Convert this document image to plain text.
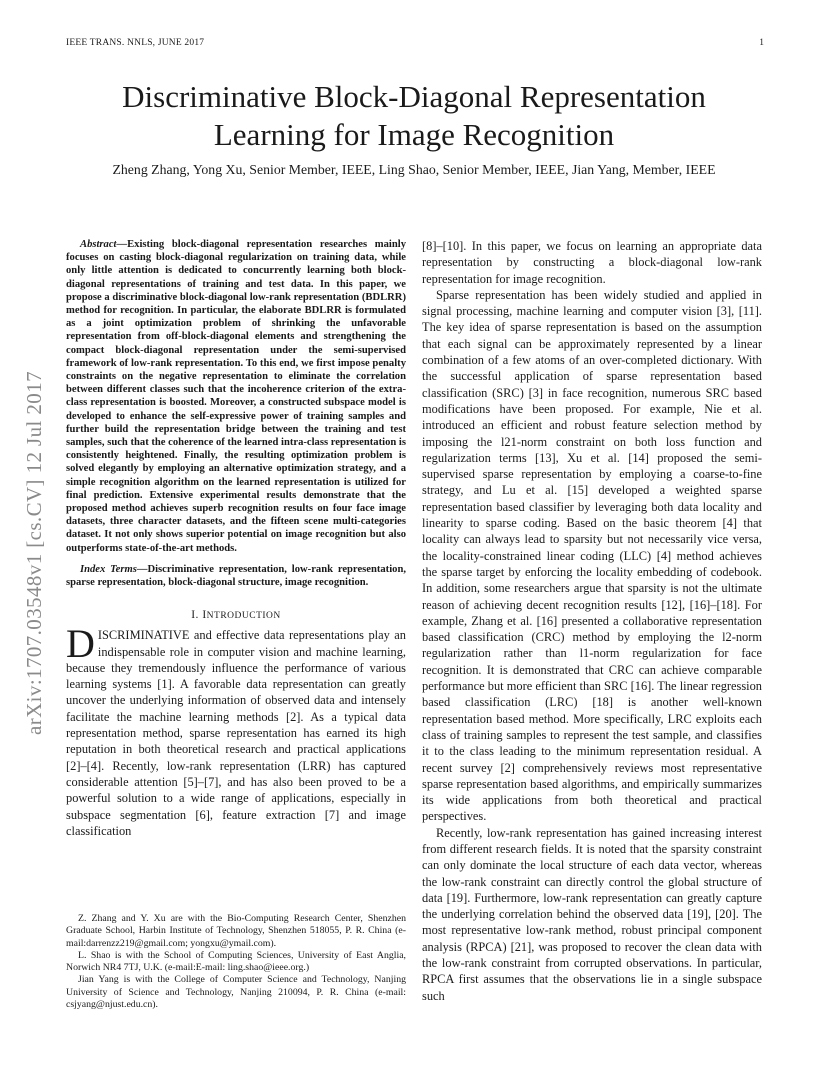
IEEE TRANS. NNLS, JUNE 2017	1
arXiv:1707.03548v1 [cs.CV] 12 Jul 2017
Discriminative Block-Diagonal Representation Learning for Image Recognition
Zheng Zhang, Yong Xu, Senior Member, IEEE, Ling Shao, Senior Member, IEEE, Jian Yang, Member, IEEE

Abstract—Existing block-diagonal representation researches mainly focuses on casting block-diagonal regularization on training data, while only little attention is dedicated to concurrently learning both block-diagonal representations of training and test data. In this paper, we propose a discriminative block-diagonal low-rank representation (BDLRR) method for recognition. In particular, the elaborate BDLRR is formulated as a joint optimization problem of shrinking the unfavorable representation from off-block-diagonal elements and strengthening the compact block-diagonal representation under the semi-supervised framework of low-rank representation. To this end, we first impose penalty constraints on the negative representation to eliminate the correlation between different classes such that the incoherence criterion of the extra-class representation is boosted. Moreover, a constructed subspace model is developed to enhance the self-expressive power of training samples and further build the representation bridge between the training and test samples, such that the coherence of the learned intra-class representation is consistently heightened. Finally, the resulting optimization problem is solved elegantly by employing an alternative optimization strategy, and a simple recognition algorithm on the learned representation is utilized for final prediction. Extensive experimental results demonstrate that the proposed method achieves superb recognition results on four face image datasets, three character datasets, and the fifteen scene multi-categories dataset. It not only shows superior potential on image recognition but also outperforms state-of-the-art methods.

Index Terms—Discriminative representation, low-rank representation, sparse representation, block-diagonal structure, image recognition.

I. INTRODUCTION

DISCRIMINATIVE and effective data representations play an indispensable role in computer vision and machine learning, because they tremendously influence the performance of various learning systems [1]. A favorable data representation can greatly uncover the underlying information of observed data and intensely facilitate the machine learning methods [2]. As a typical data representation method, sparse representation has earned its high reputation in both theoretical research and practical applications [2]–[4]. Recently, low-rank representation (LRR) has captured considerable attention [5]–[7], and has also been proved to be a powerful solution to a wide range of applications, especially in subspace segmentation [6], feature extraction [7] and image classification

Z. Zhang and Y. Xu are with the Bio-Computing Research Center, Shenzhen Graduate School, Harbin Institute of Technology, Shenzhen 518055, P. R. China (e-mail:darrenzz219@gmail.com; yongxu@ymail.com).

L. Shao is with the School of Computing Sciences, University of East Anglia, Norwich NR4 7TJ, U.K. (e-mail:E-mail: ling.shao@ieee.org.)

Jian Yang is with the College of Computer Science and Technology, Nanjing University of Science and Technology, Nanjing 210094, P. R. China (e-mail: csjyang@njust.edu.cn).

[8]–[10]. In this paper, we focus on learning an appropriate data representation by constructing a block-diagonal low-rank representation for image recognition.

Sparse representation has been widely studied and applied in signal processing, machine learning and computer vision [3], [11]. The key idea of sparse representation is based on the assumption that each signal can be approximately represented by a linear combination of a few atoms of an over-completed dictionary. With the successful application of sparse representation based classification (SRC) [3] in face recognition, numerous SRC based modifications have been proposed. For example, Nie et al. introduced an efficient and robust feature selection method by imposing the l21-norm constraint on both loss function and regularization terms [13], Xu et al. [14] proposed the semi-supervised sparse representation by employing a coarse-to-fine strategy, and Lu et al. [15] developed a weighted sparse representation based classifier by leveraging both data locality and linearity to sparse coding. Based on the basic theorem [4] that locality can always lead to sparsity but not necessarily vice versa, the locality-constrained linear coding (LLC) [4] method achieves the sparse target by enforcing the locality embedding of codebook. In addition, some researchers argue that sparsity is not the ultimate reason of achieving decent recognition results [12], [16]–[18]. For example, Zhang et al. [16] presented a collaborative representation based classification (CRC) method by employing the l2-norm regularization rather than l1-norm regularization for face recognition. It is demonstrated that CRC can achieve comparable performance but more efficient than SRC [16]. The linear regression based classification (LRC) [18] is another well-known representation based method. More specifically, LRC exploits each class of training samples to represent the test sample, and classifies it to the class leading to the minimum representation residual. A recent survey [2] comprehensively reviews most representative sparse representation based algorithms, and empirically summarizes its wide applications from both theoretical and practical perspectives.

Recently, low-rank representation has gained increasing interest from different research fields. It is noted that the sparsity constraint can only dominate the local structure of each data vector, whereas the low-rank constraint can directly control the global structure of data [19]. Furthermore, low-rank representation can greatly capture the underlying correlation behind the observed data [19], [20]. The most representative low-rank method, robust principal component analysis (RPCA) [21], was proposed to recover the clean data with the low-rank constraint from corrupted observations. In particular, RPCA first assumes that the observations lie in a single subspace such
